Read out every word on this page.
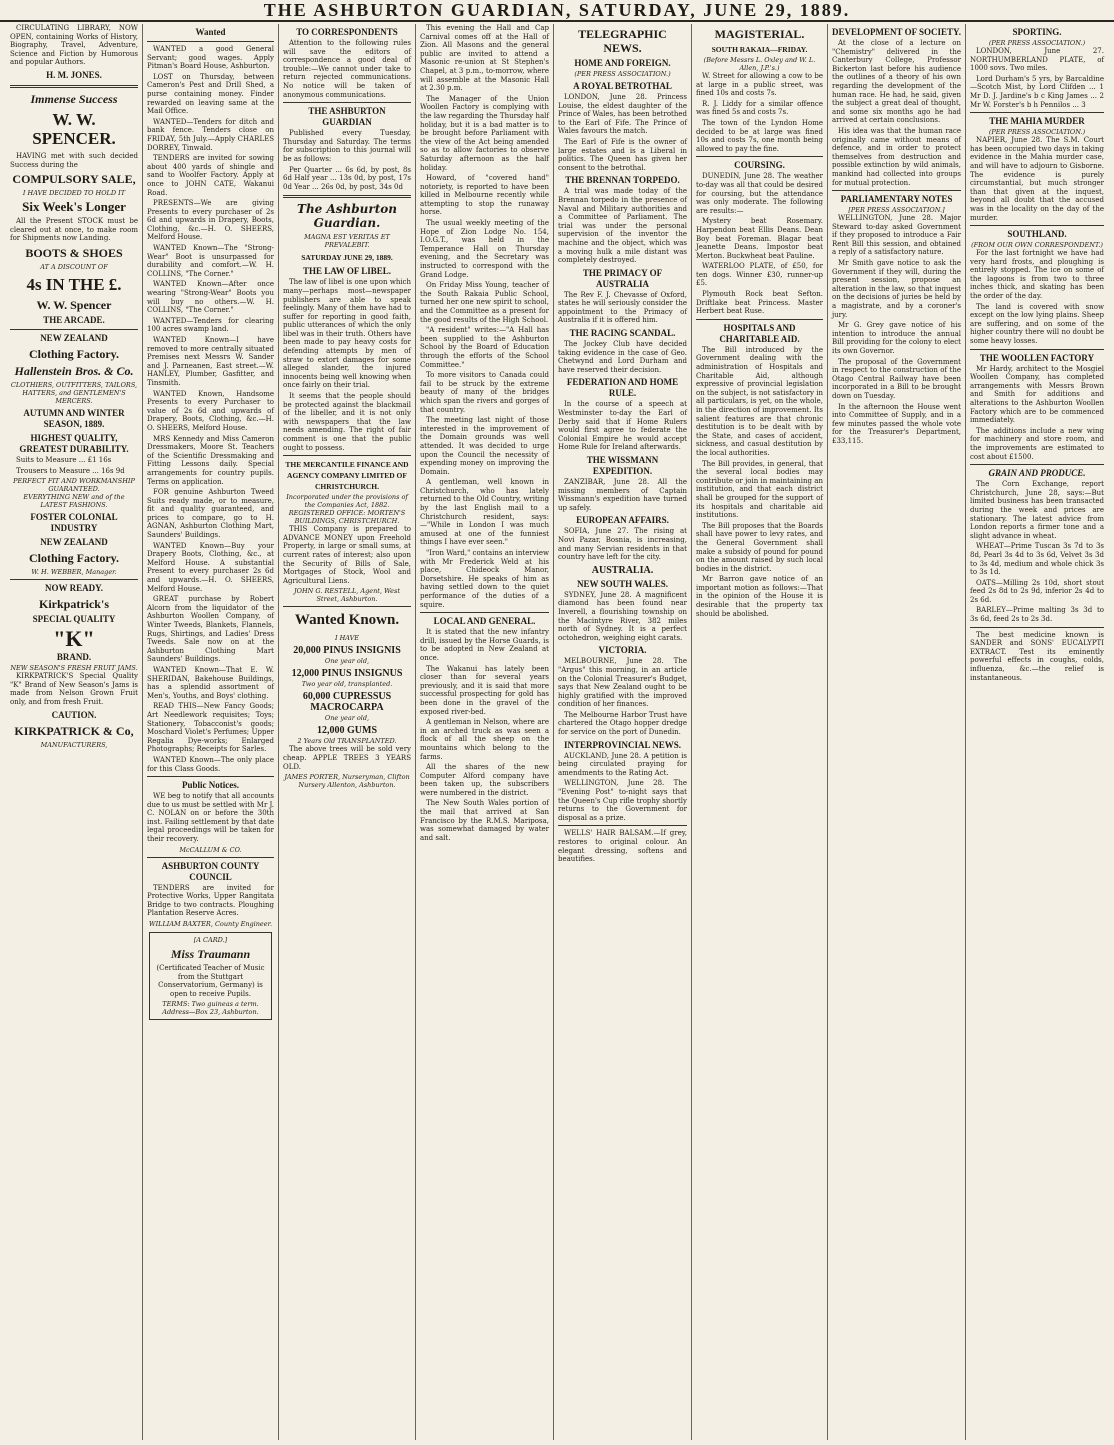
THE ASHBURTON GUARDIAN, SATURDAY, JUNE 29, 1889.

CIRCULATING LIBRARY, NOW OPEN, containing Works of History, Biography, Travel, Adventure, Science and Fiction by Humorous and popular Authors.

H. M. JONES.
Immense Success
W. W. SPENCER.

HAVING met with such decided Success during the

COMPULSORY SALE,
I HAVE DECIDED TO HOLD IT
Six Week's Longer

All the Present STOCK must be cleared out at once, to make room for Shipments now Landing.

BOOTS & SHOES
AT A DISCOUNT OF
4s IN THE £.
W. W. Spencer
THE ARCADE.
NEW ZEALAND
Clothing Factory.
Hallenstein Bros. & Co.
CLOTHIERS, OUTFITTERS, TAILORS, HATTERS, and GENTLEMEN'S MERCERS.
AUTUMN AND WINTER SEASON, 1889.
HIGHEST QUALITY, GREATEST DURABILITY.

Suits to Measure ... £1 16s

Trousers to Measure ... 16s 9d

PERFECT FIT AND WORKMANSHIP GUARANTEED.
EVERYTHING NEW and of the LATEST FASHIONS.
FOSTER COLONIAL INDUSTRY
NEW ZEALAND
Clothing Factory.
W. H. WEBBER, Manager.
NOW READY.
Kirkpatrick's
SPECIAL QUALITY
"K"
BRAND.
NEW SEASON'S FRESH FRUIT JAMS.

KIRKPATRICK'S Special Quality "K" Brand of New Season's Jams is made from Nelson Grown Fruit only, and from fresh Fruit.

CAUTION.
KIRKPATRICK & Co,
MANUFACTURERS,
Wanted

WANTED a good General Servant; good wages. Apply Pitman's Board House, Ashburton.

LOST on Thursday, between Cameron's Pest and Drill Shed, a purse containing money. Finder rewarded on leaving same at the Mail Office.

WANTED—Tenders for ditch and bank fence. Tenders close on FRIDAY, 5th July.—Apply CHARLES DORREY, Tinwald.

TENDERS are invited for sowing about 400 yards of shingle and sand to Woolfer Factory. Apply at once to JOHN CATE, Wakanui Road.

PRESENTS—We are giving Presents to every purchaser of 2s 6d and upwards in Drapery, Boots, Clothing, &c.—H. O. SHEERS, Melford House.

WANTED Known—The "Strong-Wear" Boot is unsurpassed for durability and comfort.—W. H. COLLINS, "The Corner."

WANTED Known—After once wearing "Strong-Wear" Boots you will buy no others.—W. H. COLLINS, "The Corner."

WANTED—Tenders for clearing 100 acres swamp land.

WANTED Known—I have removed to more centrally situated Premises next Messrs W. Sander and J. Parneanen, East street.—W. HANLEY, Plumber, Gasfitter, and Tinsmith.

WANTED Known, Handsome Presents to every Purchaser to value of 2s 6d and upwards of Drapery, Boots, Clothing, &c.—H. O. SHEERS, Melford House.

MRS Kennedy and Miss Cameron Dressmakers, Moore St. Teachers of the Scientific Dressmaking and Fitting Lessons daily. Special arrangements for country pupils. Terms on application.

FOR genuine Ashburton Tweed Suits ready made, or to measure, fit and quality guaranteed, and prices to compare, go to H. AGNAN, Ashburton Clothing Mart, Saunders' Buildings.

WANTED Known—Buy your Drapery Boots, Clothing, &c., at Melford House. A substantial Present to every purchaser 2s 6d and upwards.—H. O. SHEERS, Melford House.

GREAT purchase by Robert Alcorn from the liquidator of the Ashburton Woollen Company, of Winter Tweeds, Blankets, Flannels, Rugs, Shirtings, and Ladies' Dress Tweeds. Sale now on at the Ashburton Clothing Mart Saunders' Buildings.

WANTED Known—That E. W. SHERIDAN, Bakehouse Buildings, has a splendid assortment of Men's, Youths, and Boys' clothing.

READ THIS—New Fancy Goods; Art Needlework requisites; Toys; Stationery, Tobacconist's goods; Moschard Violet's Perfumes; Upper Regalia Dye-works; Enlarged Photographs; Receipts for Sarles.

WANTED Known—The only place for this Class Goods.

Public Notices.

WE beg to notify that all accounts due to us must be settled with Mr J. C. NOLAN on or before the 30th inst. Failing settlement by that date legal proceedings will be taken for their recovery.

McCALLUM & CO.
ASHBURTON COUNTY COUNCIL

TENDERS are invited for Protective Works, Upper Rangitata Bridge to two contracts. Ploughing Plantation Reserve Acres.

WILLIAM BAXTER, County Engineer.
[A CARD.]
Miss Traumann

(Certificated Teacher of Music from the Stuttgart Conservatorium, Germany) is open to receive Pupils.

TERMS: Two guineas a term.
Address—Box 23, Ashburton.
TO CORRESPONDENTS

Attention to the following rules will save the editors of correspondence a good deal of trouble:—We cannot under take to return rejected communications. No notice will be taken of anonymous communications.

THE ASHBURTON GUARDIAN

Published every Tuesday, Thursday and Saturday. The terms for subscription to this journal will be as follows:

Per Quarter ... 6s 6d, by post, 8s 6d Half year ... 13s 0d, by post, 17s 0d Year ... 26s 0d, by post, 34s 0d

The Ashburton Guardian.
MAGNA EST VERITAS ET PREVALEBIT.
SATURDAY JUNE 29, 1889.
THE LAW OF LIBEL.

The law of libel is one upon which many—perhaps most—newspaper publishers are able to speak feelingly. Many of them have had to suffer for reporting in good faith, public utterances of which the only libel was in their truth. Others have been made to pay heavy costs for defending attempts by men of straw to extort damages for some alleged slander, the injured innocents being well knowing when once fairly on their trial.

It seems that the people should be protected against the blackmail of the libeller, and it is not only with newspapers that the law needs amending. The right of fair comment is one that the public ought to possess.

THE MERCANTILE FINANCE AND AGENCY COMPANY LIMITED OF CHRISTCHURCH.
Incorporated under the provisions of the Companies Act, 1882.
REGISTERED OFFICE: MORTEN'S BUILDINGS, CHRISTCHURCH.

THIS Company is prepared to ADVANCE MONEY upon Freehold Property, in large or small sums, at current rates of interest; also upon the Security of Bills of Sale, Mortgages of Stock, Wool and Agricultural Liens.

JOHN G. RESTELL, Agent, West Street, Ashburton.
Wanted Known.
I HAVE
20,000 PINUS INSIGNIS
One year old,
12,000 PINUS INSIGNUS
Two year old, transplanted.
60,000 CUPRESSUS MACROCARPA
One year old,
12,000 GUMS
2 Years Old TRANSPLANTED.

The above trees will be sold very cheap. APPLE TREES 3 YEARS OLD.

JAMES PORTER, Nurseryman, Clifton Nursery Allenton, Ashburton.

This evening the Hall and Cap Carnival comes off at the Hall of Zion. All Masons and the general public are invited to attend a Masonic re-union at St Stephen's Chapel, at 3 p.m., to-morrow, where will assemble at the Masonic Hall at 2.30 p.m.

The Manager of the Union Woollen Factory is complying with the law regarding the Thursday half holiday, but it is a bad matter is to be brought before Parliament with the view of the Act being amended so as to allow factories to observe Saturday afternoon as the half holiday.

Howard, of "covered hand" notoriety, is reported to have been killed in Melbourne recently while attempting to stop the runaway horse.

The usual weekly meeting of the Hope of Zion Lodge No. 154, I.O.G.T., was held in the Temperance Hall on Thursday evening, and the Secretary was instructed to correspond with the Grand Lodge.

On Friday Miss Young, teacher of the South Rakaia Public School, turned her one new spirit to school, and the Committee as a present for the good results of the High School.

"A resident" writes:—"A Hall has been supplied to the Ashburton School by the Board of Education through the efforts of the School Committee."

To more visitors to Canada could fail to be struck by the extreme beauty of many of the bridges which span the rivers and gorges of that country.

The meeting last night of those interested in the improvement of the Domain grounds was well attended. It was decided to urge upon the Council the necessity of expending money on improving the Domain.

A gentleman, well known in Christchurch, who has lately returned to the Old Country, writing by the last English mail to a Christchurch resident, says:—"While in London I was much amused at one of the funniest things I have ever seen."

"Iron Ward," contains an interview with Mr Frederick Weld at his place, Chideock Manor, Dorsetshire. He speaks of him as having settled down to the quiet performance of the duties of a squire.

LOCAL AND GENERAL.

It is stated that the new infantry drill, issued by the Horse Guards, is to be adopted in New Zealand at once.

The Wakanui has lately been closer than for several years previously, and it is said that more successful prospecting for gold has been done in the gravel of the exposed river-bed.

A gentleman in Nelson, where are in an arched truck as was seen a flock of all the sheep on the mountains which belong to the farms.

All the shares of the new Computer Alford company have been taken up, the subscribers were numbered in the district.

The New South Wales portion of the mail that arrived at San Francisco by the R.M.S. Mariposa, was somewhat damaged by water and salt.

TELEGRAPHIC NEWS.
HOME AND FOREIGN.
(PER PRESS ASSOCIATION.)
A ROYAL BETROTHAL

LONDON, June 28. Princess Louise, the eldest daughter of the Prince of Wales, has been betrothed to the Earl of Fife. The Prince of Wales favours the match.

The Earl of Fife is the owner of large estates and is a Liberal in politics. The Queen has given her consent to the betrothal.

THE BRENNAN TORPEDO.

A trial was made today of the Brennan torpedo in the presence of Naval and Military authorities and a Committee of Parliament. The trial was under the personal supervision of the inventor the machine and the object, which was a moving hulk a mile distant was completely destroyed.

THE PRIMACY OF AUSTRALIA

The Rev F. J. Chevasse of Oxford, states he will seriously consider the appointment to the Primacy of Australia if it is offered him.

THE RACING SCANDAL.

The Jockey Club have decided taking evidence in the case of Geo. Chetwynd and Lord Durham and have reserved their decision.

FEDERATION AND HOME RULE.

In the course of a speech at Westminster to-day the Earl of Derby said that if Home Rulers would first agree to federate the Colonial Empire he would accept Home Rule for Ireland afterwards.

THE WISSMANN EXPEDITION.

ZANZIBAR, June 28. All the missing members of Captain Wissmann's expedition have turned up safely.

EUROPEAN AFFAIRS.

SOFIA, June 27. The rising at Novi Pazar, Bosnia, is increasing, and many Servian residents in that country have left for the city.

AUSTRALIA.
NEW SOUTH WALES.

SYDNEY, June 28. A magnificent diamond has been found near Inverell, a flourishing township on the Macintyre River, 382 miles north of Sydney. It is a perfect octohedron, weighing eight carats.

VICTORIA.

MELBOURNE, June 28. The "Argus" this morning, in an article on the Colonial Treasurer's Budget, says that New Zealand ought to be highly gratified with the improved condition of her finances.

The Melbourne Harbor Trust have chartered the Otago hopper dredge for service on the port of Dunedin.

INTERPROVINCIAL NEWS.

AUCKLAND, June 28. A petition is being circulated praying for amendments to the Rating Act.

WELLINGTON, June 28. The "Evening Post" to-night says that the Queen's Cup rifle trophy shortly returns to the Government for disposal as a prize.

WELLS' HAIR BALSAM.—If grey, restores to original colour. An elegant dressing, softens and beautifies.

MAGISTERIAL.
SOUTH RAKAIA—FRIDAY.
(Before Messrs L. Oxley and W. L. Allen, J.P.'s.)

W. Street for allowing a cow to be at large in a public street, was fined 10s and costs 7s.

R. J. Liddy for a similar offence was fined 5s and costs 7s.

The town of the Lyndon Home decided to be at large was fined 10s and costs 7s, one month being allowed to pay the fine.

COURSING.

DUNEDIN, June 28. The weather to-day was all that could be desired for coursing, but the attendance was only moderate. The following are results:—

Mystery beat Rosemary. Harpendon beat Ellis Deans. Dean Boy beat Foreman. Blagar beat Jeanette Deans. Impostor beat Merton. Buckwheat beat Pauline.

WATERLOO PLATE, of £50, for ten dogs. Winner £30, runner-up £5.

Plymouth Rock beat Sefton. Driftlake beat Princess. Master Herbert beat Ruse.

HOSPITALS AND CHARITABLE AID.

The Bill introduced by the Government dealing with the administration of Hospitals and Charitable Aid, although expressive of provincial legislation on the subject, is not satisfactory in all particulars, is yet, on the whole, in the direction of improvement. Its salient features are that chronic destitution is to be dealt with by the State, and cases of accident, sickness, and casual destitution by the local authorities.

The Bill provides, in general, that the several local bodies may contribute or join in maintaining an institution, and that each district shall be grouped for the support of its hospitals and charitable aid institutions.

The Bill proposes that the Boards shall have power to levy rates, and the General Government shall make a subsidy of pound for pound on the amount raised by such local bodies in the district.

Mr Barron gave notice of an important motion as follows:—That in the opinion of the House it is desirable that the property tax should be abolished.

DEVELOPMENT OF SOCIETY.

At the close of a lecture on "Chemistry" delivered in the Canterbury College, Professor Bickerton last before his audience the outlines of a theory of his own regarding the development of the human race. He had, he said, given the subject a great deal of thought, and some six months ago he had arrived at certain conclusions.

His idea was that the human race originally came without means of defence, and in order to protect themselves from destruction and possible extinction by wild animals, mankind had collected into groups for mutual protection.

PARLIAMENTARY NOTES
[PER PRESS ASSOCIATION.]

WELLINGTON, June 28. Major Steward to-day asked Government if they proposed to introduce a Fair Rent Bill this session, and obtained a reply of a satisfactory nature.

Mr Smith gave notice to ask the Government if they will, during the present session, propose an alteration in the law, so that inquest on the decisions of juries be held by a magistrate, and by a coroner's jury.

Mr G. Grey gave notice of his intention to introduce the annual Bill providing for the colony to elect its own Governor.

The proposal of the Government in respect to the construction of the Otago Central Railway have been incorporated in a Bill to be brought down on Tuesday.

In the afternoon the House went into Committee of Supply, and in a few minutes passed the whole vote for the Treasurer's Department, £33,115.

SPORTING.
(PER PRESS ASSOCIATION.)

LONDON, June 27. NORTHUMBERLAND PLATE, of 1000 sovs. Two miles.

Lord Durham's 5 yrs, by Barcaldine—Scotch Mist, by Lord Clifden ... 1 Mr D. J. Jardine's b c King James ... 2 Mr W. Forster's b h Pennilos ... 3

THE MAHIA MURDER
(PER PRESS ASSOCIATION.)

NAPIER, June 28. The S.M. Court has been occupied two days in taking evidence in the Mahia murder case, and will have to adjourn to Gisborne. The evidence is purely circumstantial, but much stronger than that given at the inquest, beyond all doubt that the accused was in the locality on the day of the murder.

SOUTHLAND.
(FROM OUR OWN CORRESPONDENT.)

For the last fortnight we have had very hard frosts, and ploughing is entirely stopped. The ice on some of the lagoons is from two to three inches thick, and skating has been the order of the day.

The land is covered with snow except on the low lying plains. Sheep are suffering, and on some of the higher country there will no doubt be some heavy losses.

THE WOOLLEN FACTORY

Mr Hardy, architect to the Mosgiel Woollen Company, has completed arrangements with Messrs Brown and Smith for additions and alterations to the Ashburton Woollen Factory which are to be commenced immediately.

The additions include a new wing for machinery and store room, and the improvements are estimated to cost about £1500.

GRAIN AND PRODUCE.

The Corn Exchange, report Christchurch, June 28, says:—But limited business has been transacted during the week and prices are stationary. The latest advice from London reports a firmer tone and a slight advance in wheat.

WHEAT—Prime Tuscan 3s 7d to 3s 8d, Pearl 3s 4d to 3s 6d, Velvet 3s 3d to 3s 4d, medium and whole chick 3s to 3s 1d.

OATS—Milling 2s 10d, short stout feed 2s 8d to 2s 9d, inferior 2s 4d to 2s 6d.

BARLEY—Prime malting 3s 3d to 3s 6d, feed 2s to 2s 3d.

The best medicine known is SANDER and SONS' EUCALYPTI EXTRACT. Test its eminently powerful effects in coughs, colds, influenza, &c.—the relief is instantaneous.
